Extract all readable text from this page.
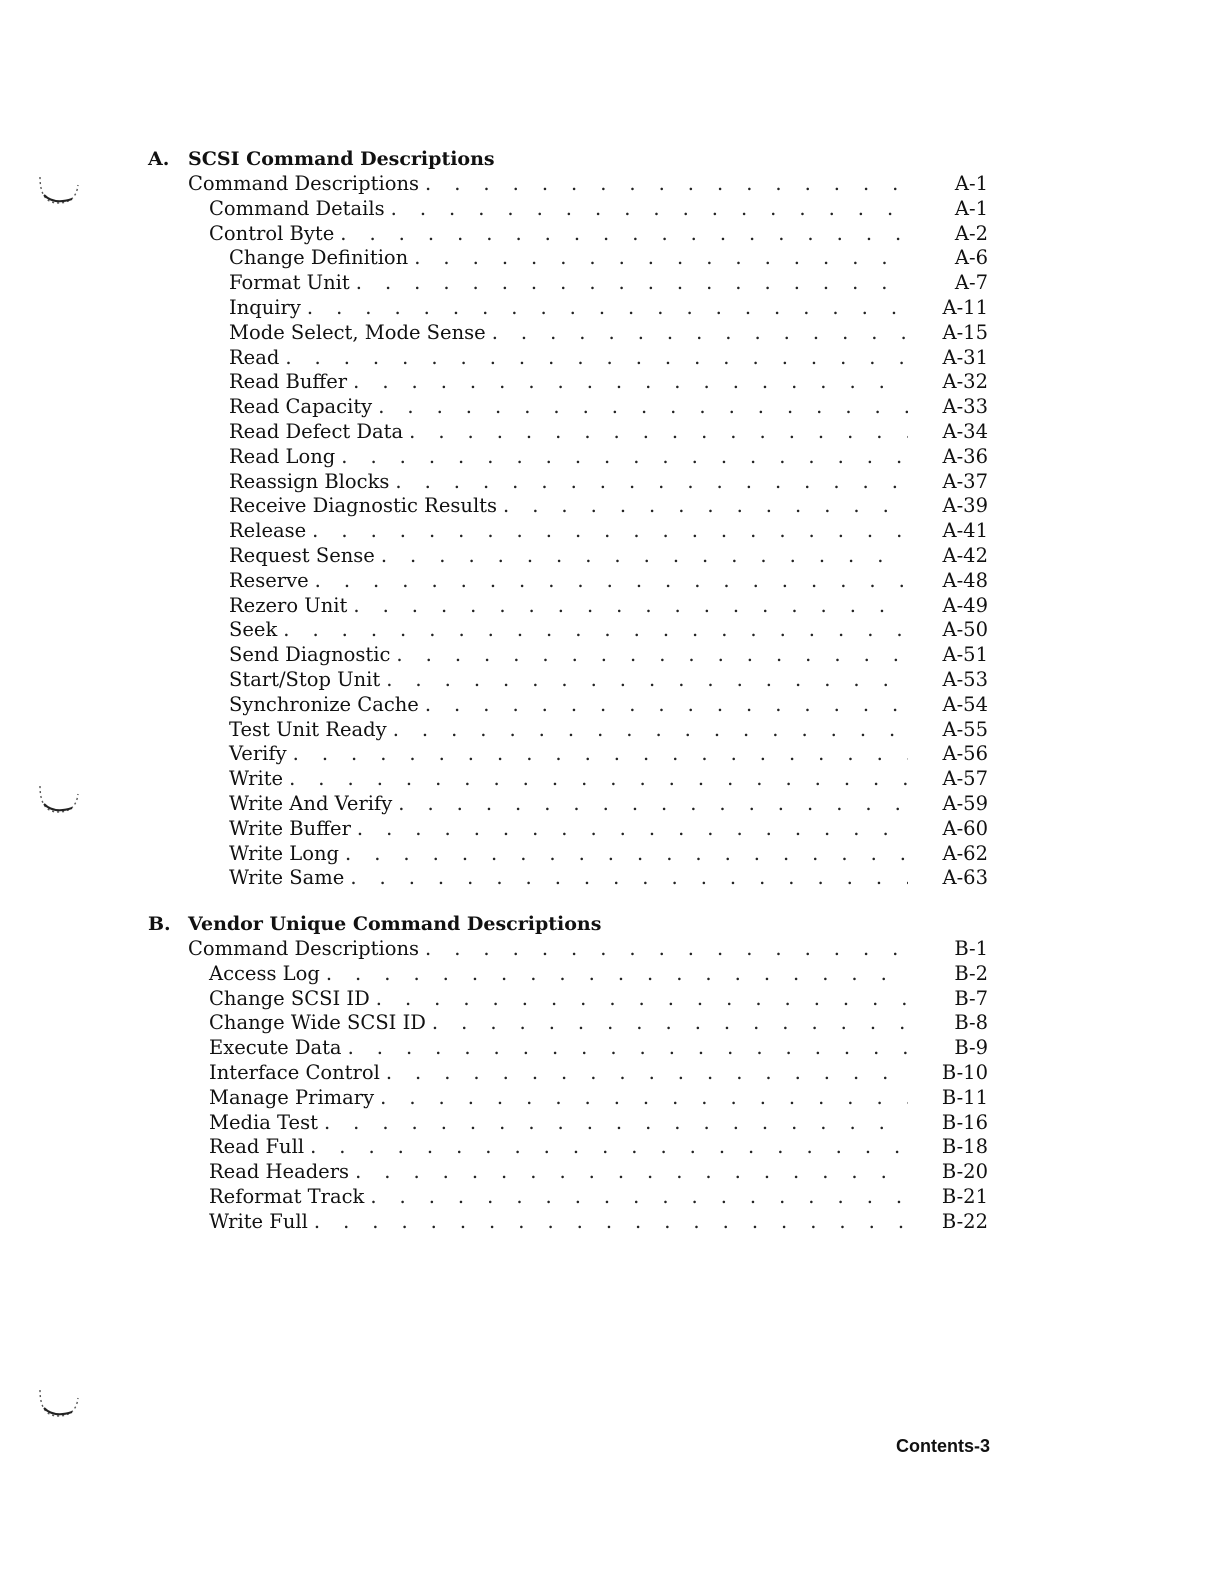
A. SCSI Command Descriptions
Command Descriptions . . .	A-1
Command Details . . .	A-1
Control Byte . . .	A-2
Change Definition . . .	A-6
Format Unit . . .	A-7
Inquiry . . .	A-11
Mode Select, Mode Sense . . .	A-15
Read . . .	A-31
Read Buffer . . .	A-32
Read Capacity . . .	A-33
Read Defect Data . . .	A-34
Read Long . . .	A-36
Reassign Blocks . . .	A-37
Receive Diagnostic Results . . .	A-39
Release . . .	A-41
Request Sense . . .	A-42
Reserve . . .	A-48
Rezero Unit . . .	A-49
Seek . . .	A-50
Send Diagnostic . . .	A-51
Start/Stop Unit . . .	A-53
Synchronize Cache . . .	A-54
Test Unit Ready . . .	A-55
Verify . . .	A-56
Write . . .	A-57
Write And Verify . . .	A-59
Write Buffer . . .	A-60
Write Long . . .	A-62
Write Same . . .	A-63
B. Vendor Unique Command Descriptions
Command Descriptions . . .	B-1
Access Log . . .	B-2
Change SCSI ID . . .	B-7
Change Wide SCSI ID . . .	B-8
Execute Data . . .	B-9
Interface Control . . .	B-10
Manage Primary . . .	B-11
Media Test . . .	B-16
Read Full . . .	B-18
Read Headers . . .	B-20
Reformat Track . . .	B-21
Write Full . . .	B-22
Contents-3
